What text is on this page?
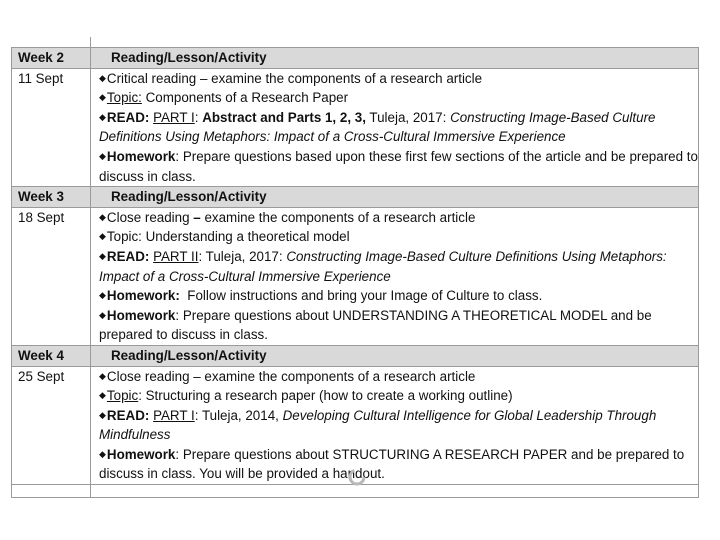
Week 2	Reading/Lesson/Activity
11 Sept	◆Critical reading – examine the components of a research article
◆Topic: Components of a Research Paper
◆READ: PART I: Abstract and Parts 1, 2, 3, Tuleja, 2017: Constructing Image-Based Culture Definitions Using Metaphors: Impact of a Cross-Cultural Immersive Experience
◆Homework: Prepare questions based upon these first few sections of the article and be prepared to discuss in class.

Week 3	Reading/Lesson/Activity
18 Sept	◆Close reading – examine the components of a research article
◆Topic: Understanding a theoretical model
◆READ: PART II: Tuleja, 2017: Constructing Image-Based Culture Definitions Using Metaphors: Impact of a Cross-Cultural Immersive Experience
◆Homework:  Follow instructions and bring your Image of Culture to class.
◆Homework: Prepare questions about UNDERSTANDING A THEORETICAL MODEL and be prepared to discuss in class.

Week 4	Reading/Lesson/Activity
25 Sept	◆Close reading – examine the components of a research article
◆Topic: Structuring a research paper (how to create a working outline)
◆READ: PART I: Tuleja, 2014, Developing Cultural Intelligence for Global Leadership Through Mindfulness
◆Homework: Prepare questions about STRUCTURING A RESEARCH PAPER and be prepared to discuss in class. You will be provided a handout.
